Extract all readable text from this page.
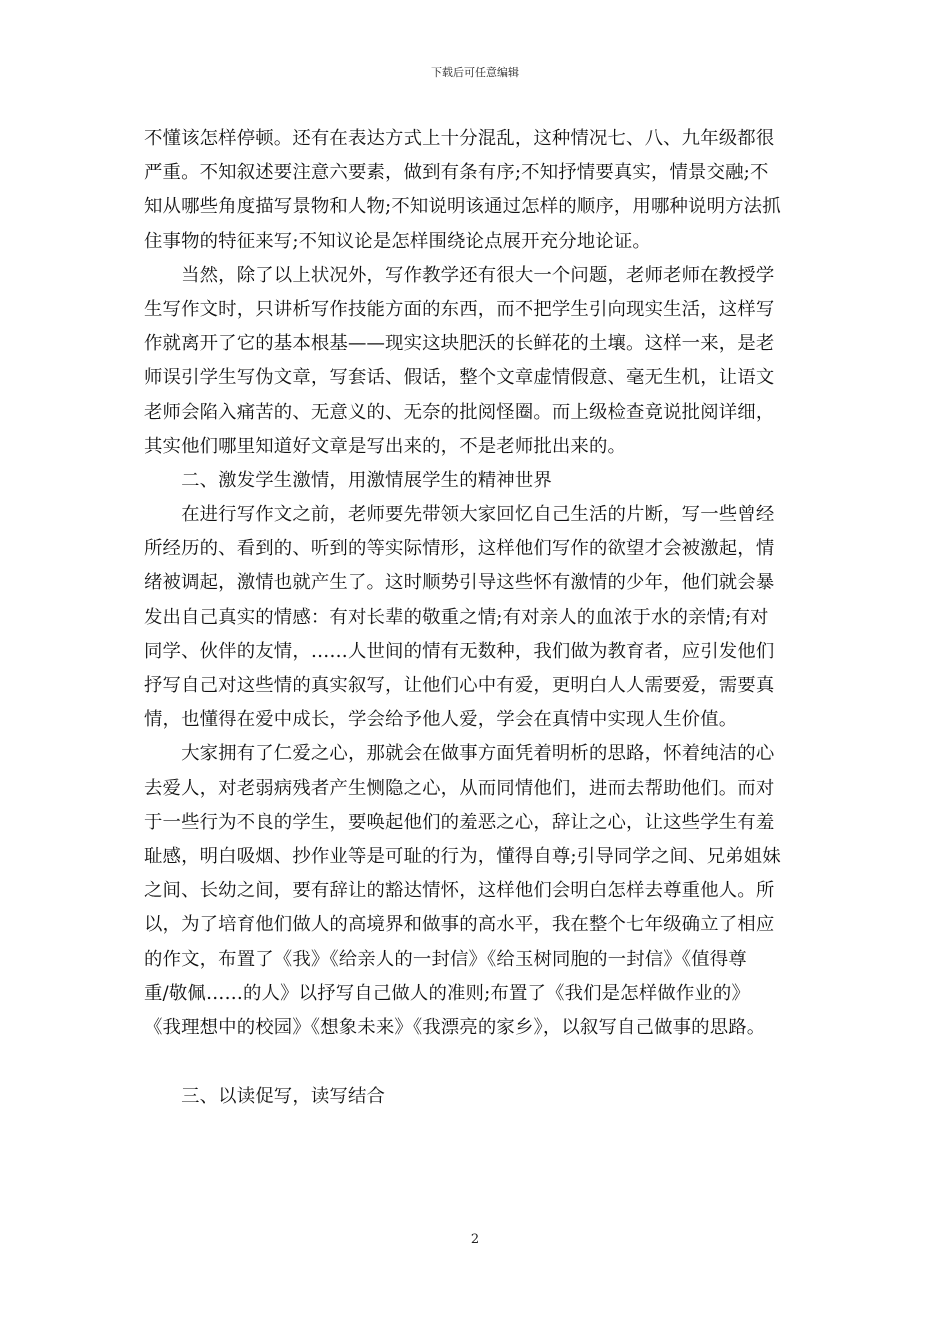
下载后可任意编辑
不懂该怎样停顿。还有在表达方式上十分混乱，这种情况七、八、九年级都很
严重。不知叙述要注意六要素，做到有条有序;不知抒情要真实，情景交融;不
知从哪些角度描写景物和人物;不知说明该通过怎样的顺序，用哪种说明方法抓
住事物的特征来写;不知议论是怎样围绕论点展开充分地论证。
　　当然，除了以上状况外，写作教学还有很大一个问题，老师老师在教授学
生写作文时，只讲析写作技能方面的东西，而不把学生引向现实生活，这样写
作就离开了它的基本根基——现实这块肥沃的长鲜花的土壤。这样一来，是老
师误引学生写伪文章，写套话、假话，整个文章虚情假意、毫无生机，让语文
老师会陷入痛苦的、无意义的、无奈的批阅怪圈。而上级检查竟说批阅详细，
其实他们哪里知道好文章是写出来的，不是老师批出来的。
　　二、激发学生激情，用激情展学生的精神世界
　　在进行写作文之前，老师要先带领大家回忆自己生活的片断，写一些曾经
所经历的、看到的、听到的等实际情形，这样他们写作的欲望才会被激起，情
绪被调起，激情也就产生了。这时顺势引导这些怀有激情的少年，他们就会暴
发出自己真实的情感：有对长辈的敬重之情;有对亲人的血浓于水的亲情;有对
同学、伙伴的友情，……人世间的情有无数种，我们做为教育者，应引发他们
抒写自己对这些情的真实叙写，让他们心中有爱，更明白人人需要爱，需要真
情，也懂得在爱中成长，学会给予他人爱，学会在真情中实现人生价值。
　　大家拥有了仁爱之心，那就会在做事方面凭着明析的思路，怀着纯洁的心
去爱人，对老弱病残者产生恻隐之心，从而同情他们，进而去帮助他们。而对
于一些行为不良的学生，要唤起他们的羞恶之心，辞让之心，让这些学生有羞
耻感，明白吸烟、抄作业等是可耻的行为，懂得自尊;引导同学之间、兄弟姐妹
之间、长幼之间，要有辞让的豁达情怀，这样他们会明白怎样去尊重他人。所
以，为了培育他们做人的高境界和做事的高水平，我在整个七年级确立了相应
的作文，布置了《我》《给亲人的一封信》《给玉树同胞的一封信》《值得尊
重/敬佩……的人》以抒写自己做人的准则;布置了《我们是怎样做作业的》
《我理想中的校园》《想象未来》《我漂亮的家乡》，以叙写自己做事的思路。
　　三、以读促写，读写结合
2
